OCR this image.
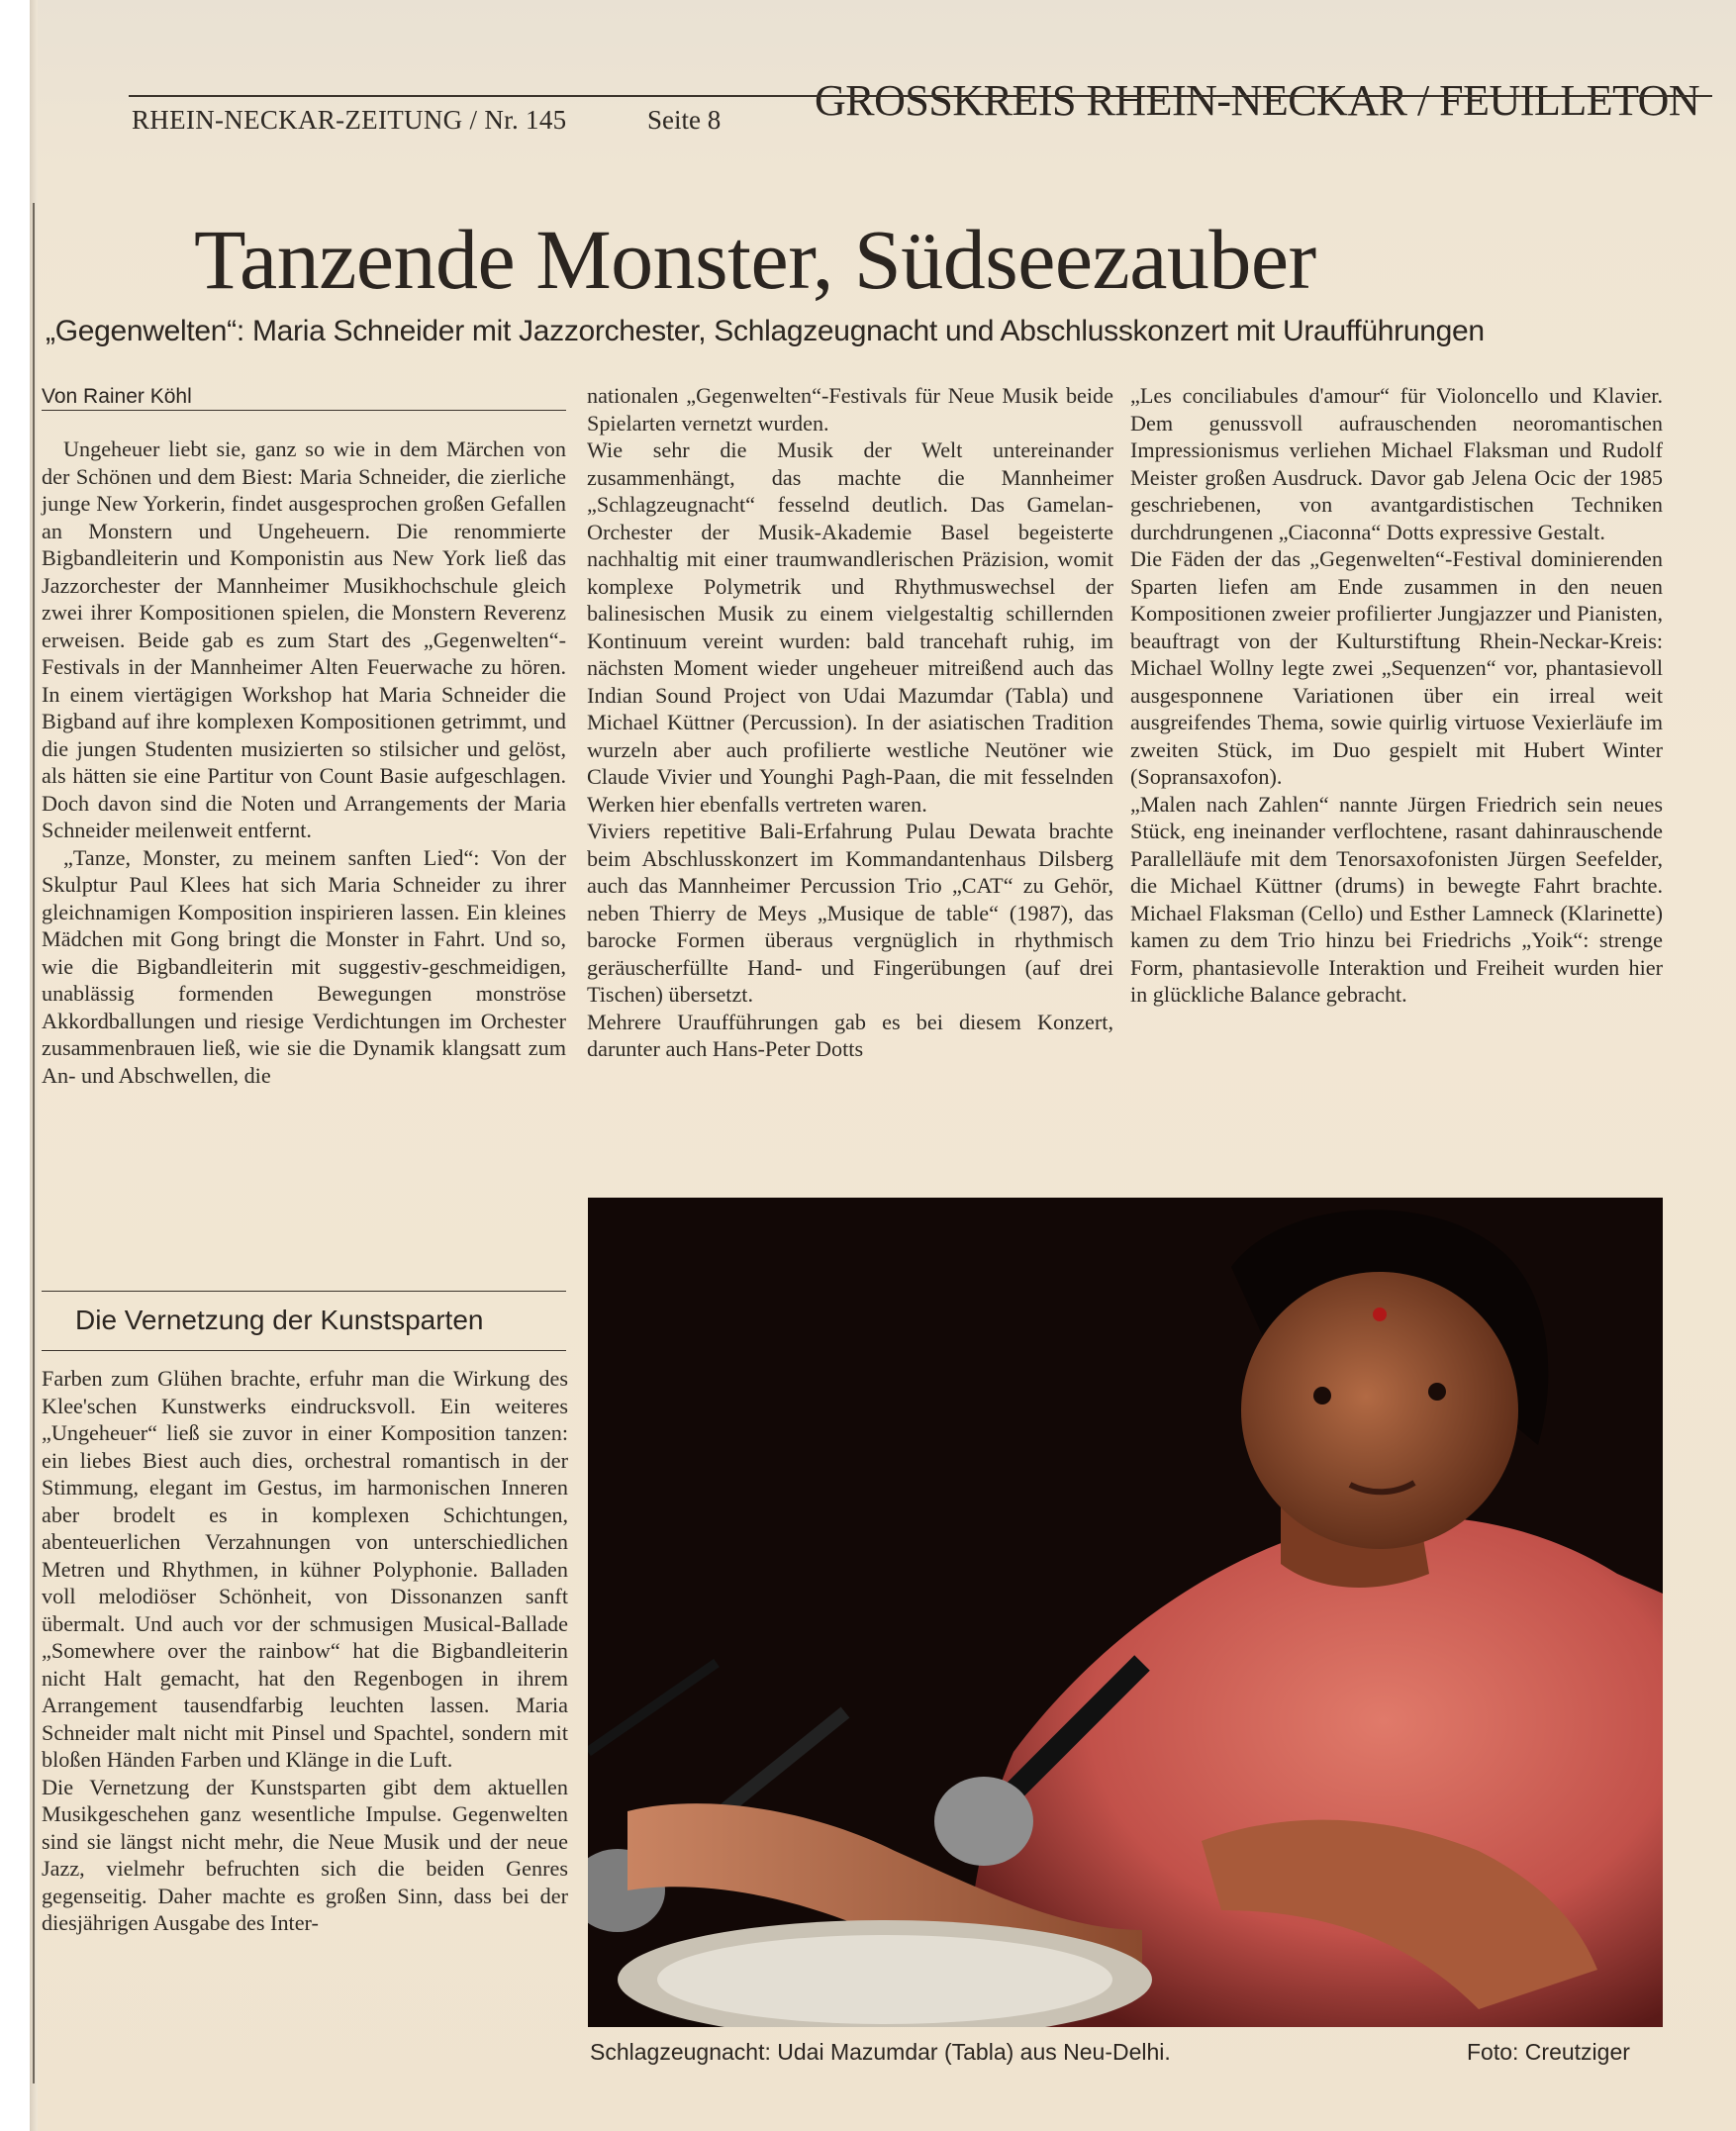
RHEIN-NECKAR-ZEITUNG / Nr. 145	Seite 8 GROSSKREIS RHEIN-NECKAR / FEUILLETON
Tanzende Monster, Südseezauber
„Gegenwelten“: Maria Schneider mit Jazzorchester, Schlagzeugnacht und Abschlusskonzert mit Uraufführungen
Von Rainer Köhl

Ungeheuer liebt sie, ganz so wie in dem Märchen von der Schönen und dem Biest: Maria Schneider, die zierliche junge New Yorkerin, findet ausgesprochen großen Gefallen an Monstern und Ungeheuern. Die renommierte Bigbandleiterin und Komponistin aus New York ließ das Jazzorchester der Mannheimer Musikhochschule gleich zwei ihrer Kompositionen spielen, die Monstern Reverenz erweisen. Beide gab es zum Start des „Gegenwelten“-Festivals in der Mannheimer Alten Feuerwache zu hören. In einem viertägigen Workshop hat Maria Schneider die Bigband auf ihre komplexen Kompositionen getrimmt, und die jungen Studenten musizierten so stilsicher und gelöst, als hätten sie eine Partitur von Count Basie aufgeschlagen. Doch davon sind die Noten und Arrangements der Maria Schneider meilenweit entfernt.

„Tanze, Monster, zu meinem sanften Lied“: Von der Skulptur Paul Klees hat sich Maria Schneider zu ihrer gleichnamigen Komposition inspirieren lassen. Ein kleines Mädchen mit Gong bringt die Monster in Fahrt. Und so, wie die Bigbandleiterin mit suggestiv-geschmeidigen, unablässig formenden Bewegungen monströse Akkordballungen und riesige Verdichtungen im Orchester zusammenbrauen ließ, wie sie die Dynamik klangsatt zum An- und Abschwellen, die

Die Vernetzung der Kunstsparten

Farben zum Glühen brachte, erfuhr man die Wirkung des Klee'schen Kunstwerks eindrucksvoll. Ein weiteres „Ungeheuer“ ließ sie zuvor in einer Komposition tanzen: ein liebes Biest auch dies, orchestral romantisch in der Stimmung, elegant im Gestus, im harmonischen Inneren aber brodelt es in komplexen Schichtungen, abenteuerlichen Verzahnungen von unterschiedlichen Metren und Rhythmen, in kühner Polyphonie. Balladen voll melodiöser Schönheit, von Dissonanzen sanft übermalt. Und auch vor der schmusigen Musical-Ballade „Somewhere over the rainbow“ hat die Bigbandleiterin nicht Halt gemacht, hat den Regenbogen in ihrem Arrangement tausendfarbig leuchten lassen. Maria Schneider malt nicht mit Pinsel und Spachtel, sondern mit bloßen Händen Farben und Klänge in die Luft.

Die Vernetzung der Kunstsparten gibt dem aktuellen Musikgeschehen ganz wesentliche Impulse. Gegenwelten sind sie längst nicht mehr, die Neue Musik und der neue Jazz, vielmehr befruchten sich die beiden Genres gegenseitig. Daher machte es großen Sinn, dass bei der diesjährigen Ausgabe des Inter-

nationalen „Gegenwelten“-Festivals für Neue Musik beide Spielarten vernetzt wurden.

Wie sehr die Musik der Welt untereinander zusammenhängt, das machte die Mannheimer „Schlagzeugnacht“ fesselnd deutlich. Das Gamelan-Orchester der Musik-Akademie Basel begeisterte nachhaltig mit einer traumwandlerischen Präzision, womit komplexe Polymetrik und Rhythmuswechsel der balinesischen Musik zu einem vielgestaltig schillernden Kontinuum vereint wurden: bald trancehaft ruhig, im nächsten Moment wieder ungeheuer mitreißend auch das Indian Sound Project von Udai Mazumdar (Tabla) und Michael Küttner (Percussion). In der asiatischen Tradition wurzeln aber auch profilierte westliche Neutöner wie Claude Vivier und Younghi Pagh-Paan, die mit fesselnden Werken hier ebenfalls vertreten waren.

Viviers repetitive Bali-Erfahrung Pulau Dewata brachte beim Abschlusskonzert im Kommandantenhaus Dilsberg auch das Mannheimer Percussion Trio „CAT“ zu Gehör, neben Thierry de Meys „Musique de table“ (1987), das barocke Formen überaus vergnüglich in rhythmisch geräuscherfüllte Hand- und Fingerübungen (auf drei Tischen) übersetzt.

Mehrere Uraufführungen gab es bei diesem Konzert, darunter auch Hans-Peter Dotts

„Les conciliabules d'amour“ für Violoncello und Klavier. Dem genussvoll aufrauschenden neoromantischen Impressionismus verliehen Michael Flaksman und Rudolf Meister großen Ausdruck. Davor gab Jelena Ocic der 1985 geschriebenen, von avantgardistischen Techniken durchdrungenen „Ciaconna“ Dotts expressive Gestalt.

Die Fäden der das „Gegenwelten“-Festival dominierenden Sparten liefen am Ende zusammen in den neuen Kompositionen zweier profilierter Jungjazzer und Pianisten, beauftragt von der Kulturstiftung Rhein-Neckar-Kreis: Michael Wollny legte zwei „Sequenzen“ vor, phantasievoll ausgesponnene Variationen über ein irreal weit ausgreifendes Thema, sowie quirlig virtuose Vexierläufe im zweiten Stück, im Duo gespielt mit Hubert Winter (Sopransaxofon).

„Malen nach Zahlen“ nannte Jürgen Friedrich sein neues Stück, eng ineinander verflochtene, rasant dahinrauschende Parallelläufe mit dem Tenorsaxofonisten Jürgen Seefelder, die Michael Küttner (drums) in bewegte Fahrt brachte. Michael Flaksman (Cello) und Esther Lamneck (Klarinette) kamen zu dem Trio hinzu bei Friedrichs „Yoik“: strenge Form, phantasievolle Interaktion und Freiheit wurden hier in glückliche Balance gebracht.

Schlagzeugnacht: Udai Mazumdar (Tabla) aus Neu-Delhi.	Foto: Creutziger
